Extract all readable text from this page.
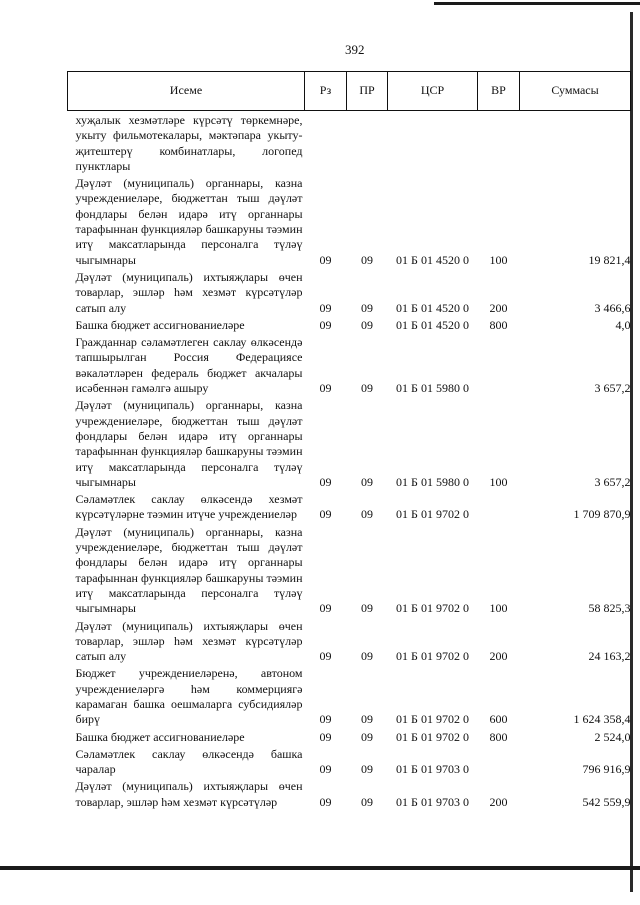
392
Исеме	Рз	ПР	ЦСР	ВР	Суммасы
хуҗалык хезмәтләре күрсәтү төркемнәре, укыту фильмотекалары, мәктәпара укыту-җитештерү комбинатлары, логопед пунктлары					
Дәүләт (муниципаль) органнары, казна учреждениеләре, бюджеттан тыш дәүләт фондлары белән идарә итү органнары тарафыннан функцияләр башкаруны тәэмин итү максатларында персоналга түләү чыгымнары	09	09	01 Б 01 4520 0	100	19 821,4
Дәүләт (муниципаль) ихтыяҗлары өчен товарлар, эшләр һәм хезмәт күрсәтүләр сатып алу	09	09	01 Б 01 4520 0	200	3 466,6
Башка бюджет ассигнованиеләре	09	09	01 Б 01 4520 0	800	4,0
Гражданнар сәламәтлеген саклау өлкәсендә тапшырылган Россия Федерациясе вәкаләтләрен федераль бюджет акчалары исәбеннән гамәлгә ашыру	09	09	01 Б 01 5980 0		3 657,2
Дәүләт (муниципаль) органнары, казна учреждениеләре, бюджеттан тыш дәүләт фондлары белән идарә итү органнары тарафыннан функцияләр башкаруны тәэмин итү максатларында персоналга түләү чыгымнары	09	09	01 Б 01 5980 0	100	3 657,2
Сәламәтлек саклау өлкәсендә хезмәт күрсәтүләрне тәэмин итүче учреждениеләр	09	09	01 Б 01 9702 0		1 709 870,9
Дәүләт (муниципаль) органнары, казна учреждениеләре, бюджеттан тыш дәүләт фондлары белән идарә итү органнары тарафыннан функцияләр башкаруны тәэмин итү максатларында персоналга түләү чыгымнары	09	09	01 Б 01 9702 0	100	58 825,3
Дәүләт (муниципаль) ихтыяҗлары өчен товарлар, эшләр һәм хезмәт күрсәтүләр сатып алу	09	09	01 Б 01 9702 0	200	24 163,2
Бюджет учреждениеләренә, автоном учреждениеләргә һәм коммерциягә карамаган башка оешмаларга субсидияләр бирү	09	09	01 Б 01 9702 0	600	1 624 358,4
Башка бюджет ассигнованиеләре	09	09	01 Б 01 9702 0	800	2 524,0
Сәламәтлек саклау өлкәсендә башка чаралар	09	09	01 Б 01 9703 0		796 916,9
Дәүләт (муниципаль) ихтыяҗлары өчен товарлар, эшләр һәм хезмәт күрсәтүләр	09	09	01 Б 01 9703 0	200	542 559,9
